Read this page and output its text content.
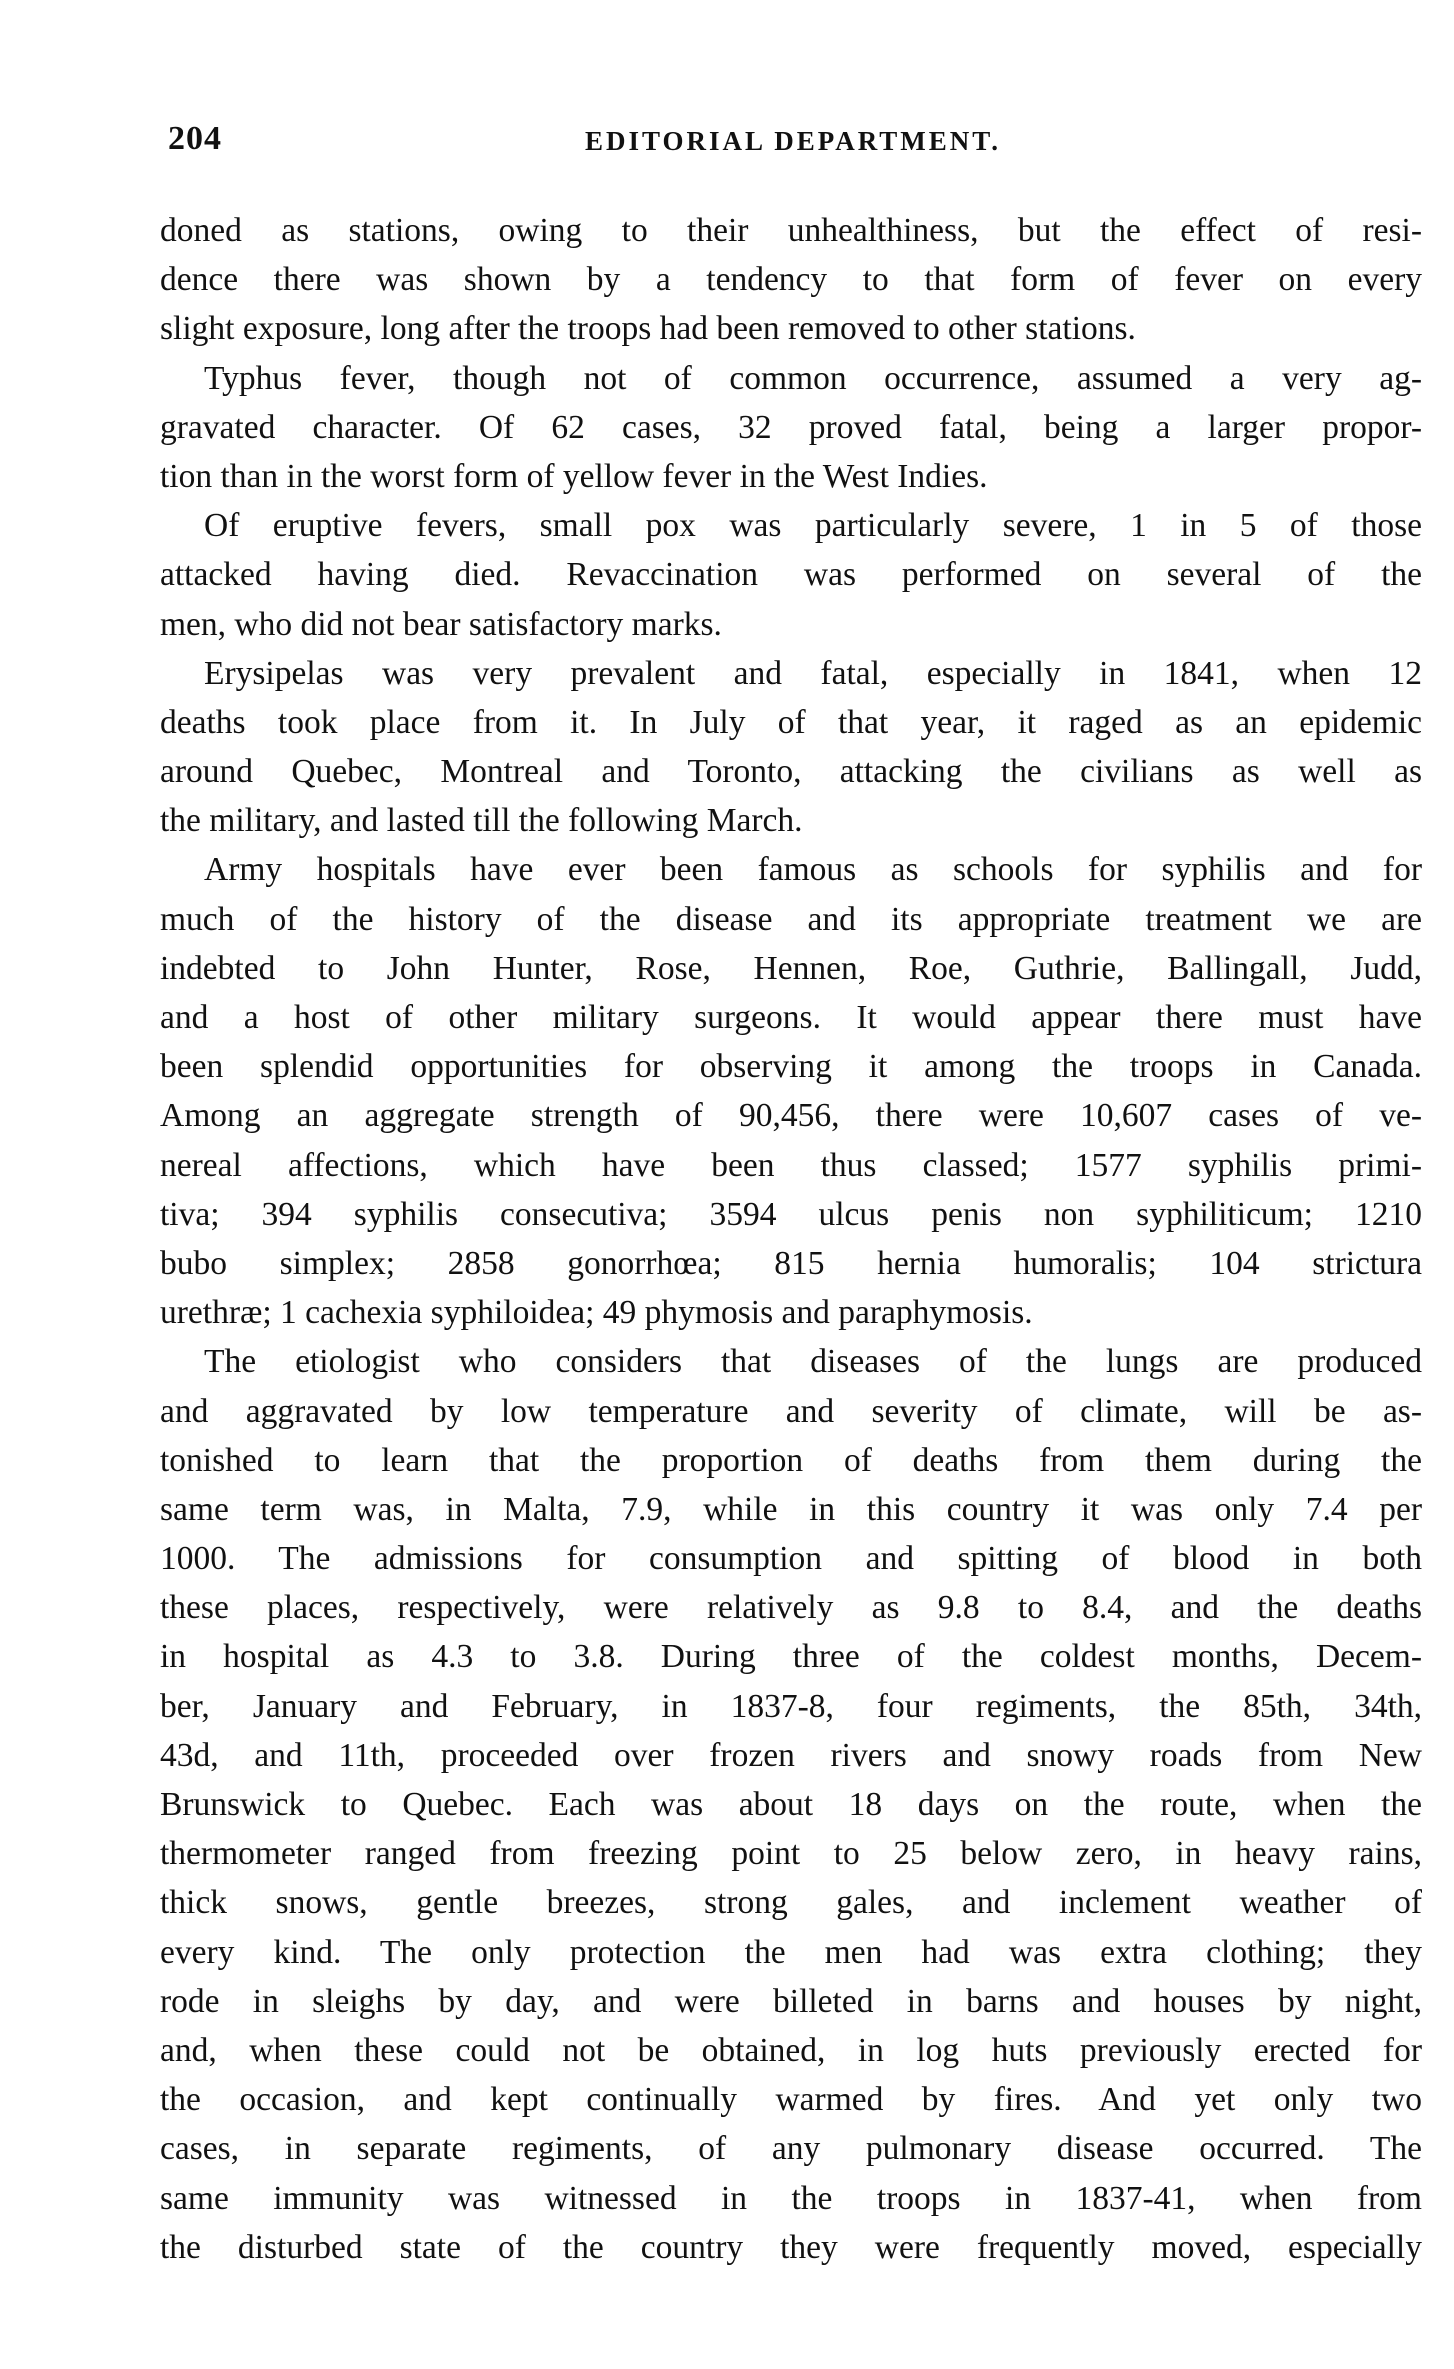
204	EDITORIAL DEPARTMENT.
doned as stations, owing to their unhealthiness, but the effect of resi-
dence there was shown by a tendency to that form of fever on every
slight exposure, long after the troops had been removed to other stations.
Typhus fever, though not of common occurrence, assumed a very ag-
gravated character. Of 62 cases, 32 proved fatal, being a larger propor-
tion than in the worst form of yellow fever in the West Indies.
Of eruptive fevers, small pox was particularly severe, 1 in 5 of those
attacked having died. Revaccination was performed on several of the
men, who did not bear satisfactory marks.
Erysipelas was very prevalent and fatal, especially in 1841, when 12
deaths took place from it. In July of that year, it raged as an epidemic
around Quebec, Montreal and Toronto, attacking the civilians as well as
the military, and lasted till the following March.
Army hospitals have ever been famous as schools for syphilis and for
much of the history of the disease and its appropriate treatment we are
indebted to John Hunter, Rose, Hennen, Roe, Guthrie, Ballingall, Judd,
and a host of other military surgeons. It would appear there must have
been splendid opportunities for observing it among the troops in Canada.
Among an aggregate strength of 90,456, there were 10,607 cases of ve-
nereal affections, which have been thus classed; 1577 syphilis primi-
tiva; 394 syphilis consecutiva; 3594 ulcus penis non syphiliticum; 1210
bubo simplex; 2858 gonorrhœa; 815 hernia humoralis; 104 strictura
urethræ; 1 cachexia syphiloidea; 49 phymosis and paraphymosis.
The etiologist who considers that diseases of the lungs are produced
and aggravated by low temperature and severity of climate, will be as-
tonished to learn that the proportion of deaths from them during the
same term was, in Malta, 7.9, while in this country it was only 7.4 per
1000. The admissions for consumption and spitting of blood in both
these places, respectively, were relatively as 9.8 to 8.4, and the deaths
in hospital as 4.3 to 3.8. During three of the coldest months, Decem-
ber, January and February, in 1837-8, four regiments, the 85th, 34th,
43d, and 11th, proceeded over frozen rivers and snowy roads from New
Brunswick to Quebec. Each was about 18 days on the route, when the
thermometer ranged from freezing point to 25 below zero, in heavy rains,
thick snows, gentle breezes, strong gales, and inclement weather of
every kind. The only protection the men had was extra clothing; they
rode in sleighs by day, and were billeted in barns and houses by night,
and, when these could not be obtained, in log huts previously erected for
the occasion, and kept continually warmed by fires. And yet only two
cases, in separate regiments, of any pulmonary disease occurred. The
same immunity was witnessed in the troops in 1837-41, when from
the disturbed state of the country they were frequently moved, especially
